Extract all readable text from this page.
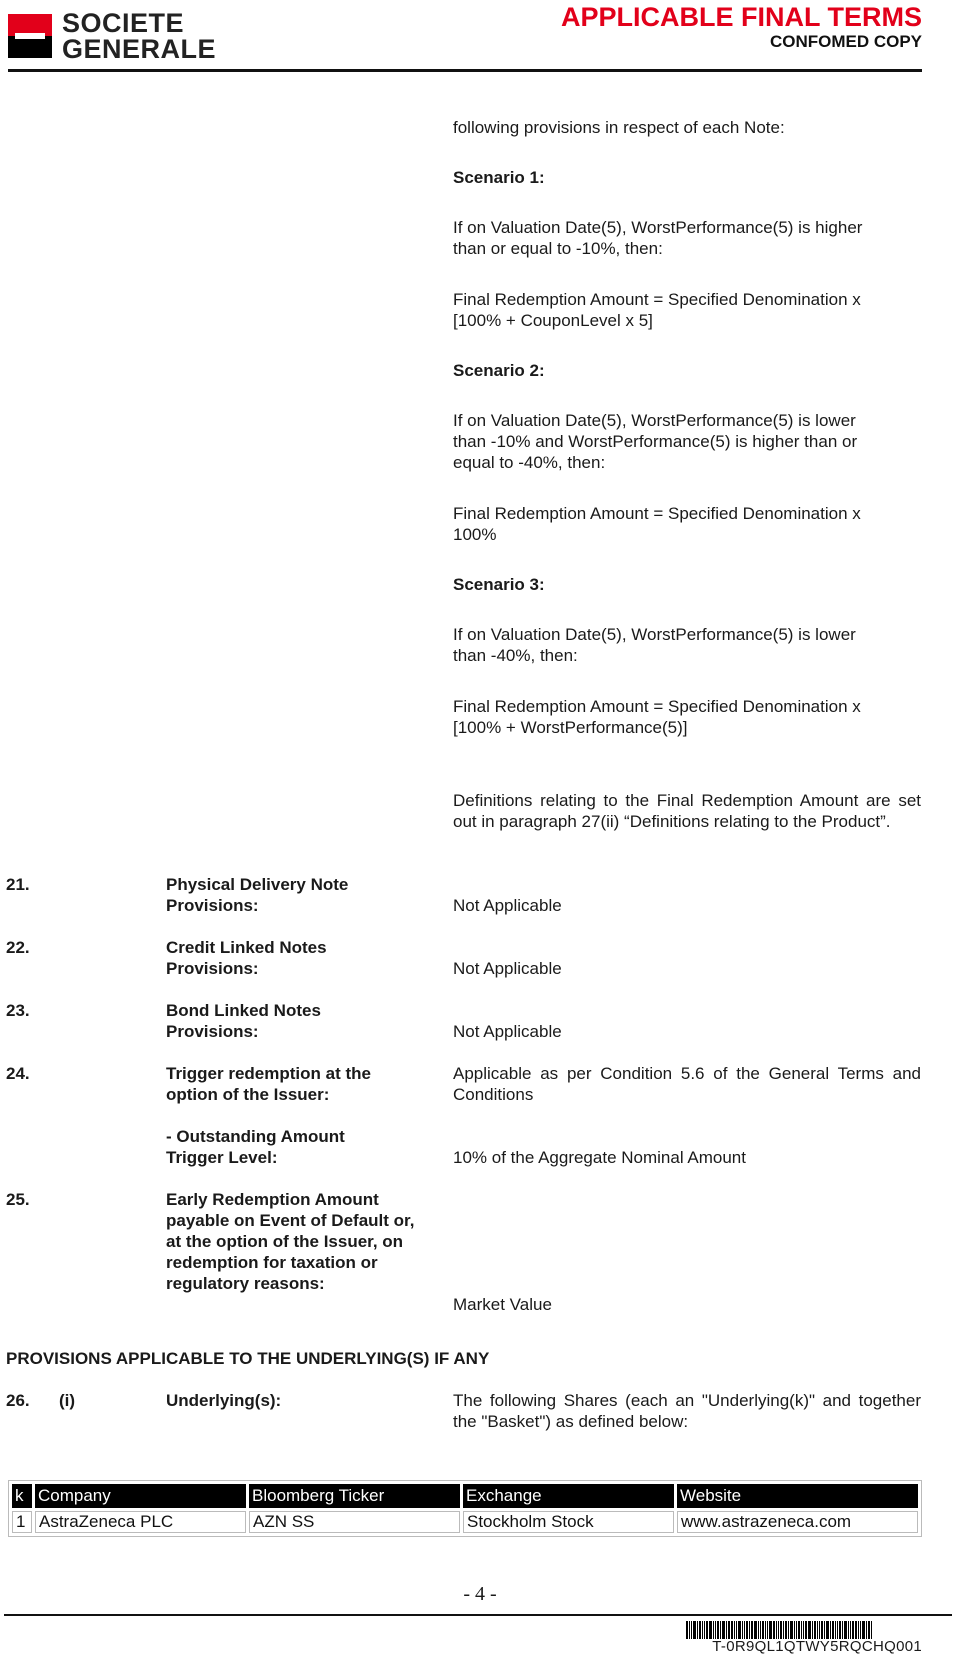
SOCIETE
GENERALE
APPLICABLE FINAL TERMS
CONFOMED COPY
following provisions in respect of each Note:
Scenario 1:
If on Valuation Date(5), WorstPerformance(5) is higher than or equal to -10%, then:
Final Redemption Amount = Specified Denomination x [100% + CouponLevel x 5]
Scenario 2:
If on Valuation Date(5), WorstPerformance(5) is lower than -10% and WorstPerformance(5) is higher than or equal to -40%, then:
Final Redemption Amount = Specified Denomination x 100%
Scenario 3:
If on Valuation Date(5), WorstPerformance(5) is lower than -40%, then:
Final Redemption Amount = Specified Denomination x [100% + WorstPerformance(5)]
Definitions relating to the Final Redemption Amount are set out in paragraph 27(ii) “Definitions relating to the Product”.
21.	Physical Delivery Note Provisions:	Not Applicable
22.	Credit Linked Notes Provisions:	Not Applicable
23.	Bond Linked Notes Provisions:	Not Applicable
24.	Trigger redemption at the option of the Issuer:
Applicable as per Condition 5.6 of the General Terms and Conditions
- Outstanding Amount Trigger Level:	10% of the Aggregate Nominal Amount
25.	Early Redemption Amount payable on Event of Default or, at the option of the Issuer, on redemption for taxation or regulatory reasons:
Market Value
PROVISIONS APPLICABLE TO THE UNDERLYING(S) IF ANY
26. (i)	Underlying(s):	The following Shares (each an "Underlying(k)" and together the "Basket") as defined below:
k	Company	Bloomberg Ticker	Exchange	Website
1	AstraZeneca PLC	AZN SS	Stockholm Stock	www.astrazeneca.com
- 4 -
T-0R9QL1QTWY5RQCHQ001
